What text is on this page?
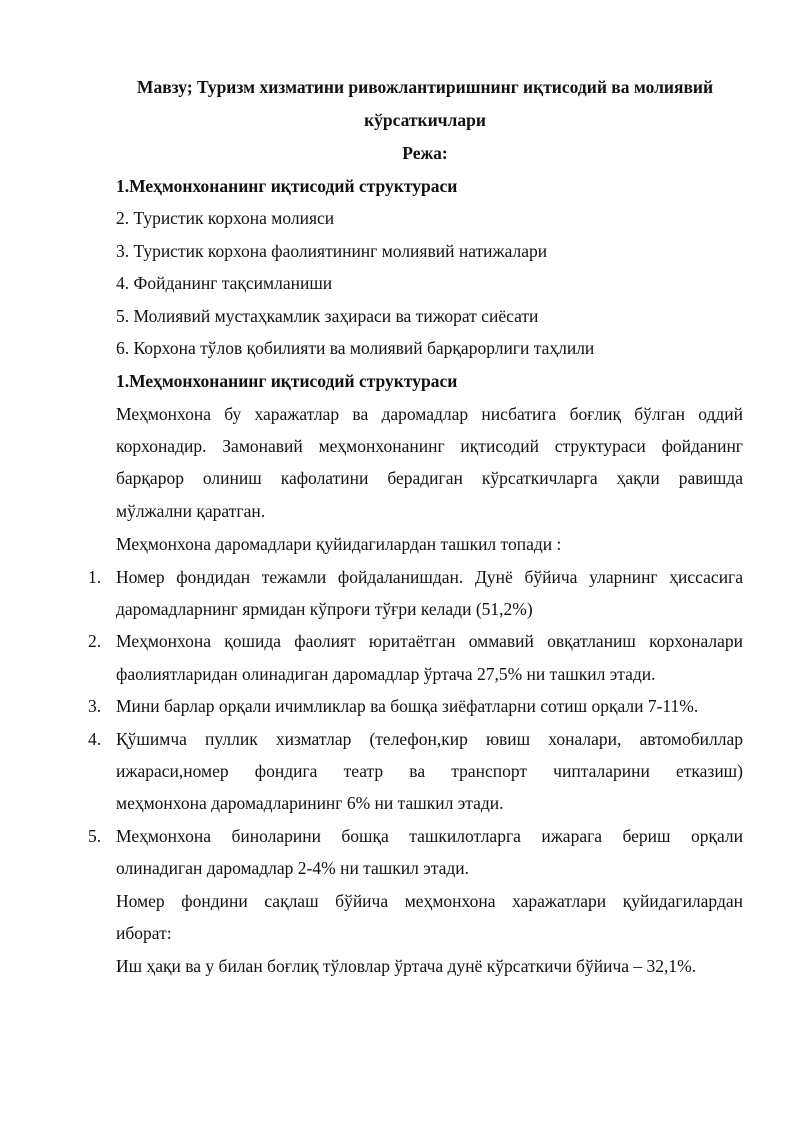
Мавзу; Туризм хизматини ривожлантиришнинг иқтисодий ва молиявий
кўрсаткичлари
Режа:
1.Меҳмонхонанинг иқтисодий структураси
2. Туристик корхона молияси
3. Туристик корхона фаолиятининг молиявий натижалари
4. Фойданинг тақсимланиши
5. Молиявий мустаҳкамлик заҳираси ва тижорат сиёсати
6. Корхона тўлов қобилияти ва молиявий барқарорлиги таҳлили
1.Меҳмонхонанинг иқтисодий структураси
Меҳмонхона бу харажатлар ва даромадлар нисбатига боғлиқ бўлган оддий
корхонадир. Замонавий меҳмонхонанинг иқтисодий структураси фойданинг
барқарор олиниш кафолатини берадиган кўрсаткичларга ҳақли равишда
мўлжални қаратган.
Меҳмонхона даромадлари қуйидагилардан ташкил топади :
1. Номер фондидан тежамли фойдаланишдан. Дунё бўйича уларнинг ҳиссасига
даромадларнинг ярмидан кўпроғи тўғри келади (51,2%)
2. Меҳмонхона қошида фаолият юритаётган оммавий овқатланиш корхоналари
фаолиятларидан олинадиган даромадлар ўртача 27,5% ни ташкил этади.
3. Мини барлар орқали ичимликлар ва бошқа зиёфатларни сотиш орқали 7-11%.
4. Қўшимча пуллик хизматлар (телефон,кир ювиш хоналари, автомобиллар
ижараси,номер фондига театр ва транспорт чипталарини етказиш)
меҳмонхона даромадларининг 6% ни ташкил этади.
5. Меҳмонхона биноларини бошқа ташкилотларга ижарага бериш орқали
олинадиган даромадлар 2-4% ни ташкил этади.
Номер фондини сақлаш бўйича меҳмонхона харажатлари қуйидагилардан
иборат:
Иш ҳақи ва у билан боғлиқ тўловлар ўртача дунё кўрсаткичи бўйича – 32,1%.
